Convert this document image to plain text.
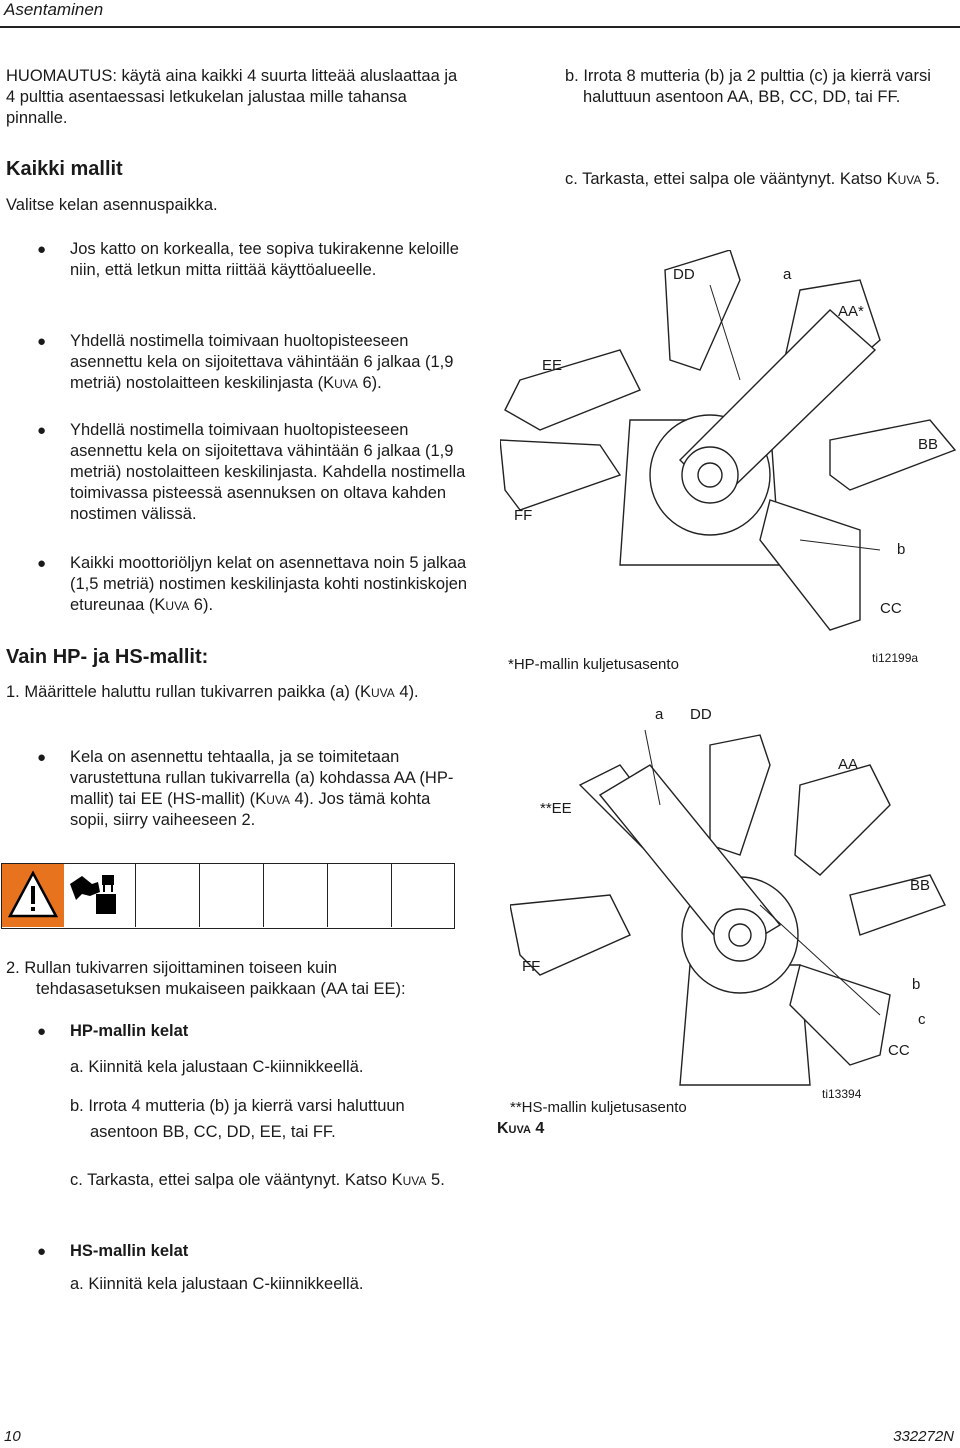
Asentaminen
HUOMAUTUS: käytä aina kaikki 4 suurta litteää aluslaattaa ja 4 pulttia asentaessasi letkukelan jalustaa mille tahansa pinnalle.
Kaikki mallit
Valitse kelan asennuspaikka.
● Jos katto on korkealla, tee sopiva tukirakenne keloille niin, että letkun mitta riittää käyttöalueelle.
● Yhdellä nostimella toimivaan huoltopisteeseen asennettu kela on sijoitettava vähintään 6 jalkaa (1,9 metriä) nostolaitteen keskilinjasta (Kuva 6).
● Yhdellä nostimella toimivaan huoltopisteeseen asennettu kela on sijoitettava vähintään 6 jalkaa (1,9 metriä) nostolaitteen keskilinjasta. Kahdella nostimella toimivassa pisteessä asennuksen on oltava kahden nostimen välissä.
● Kaikki moottoriöljyn kelat on asennettava noin 5 jalkaa (1,5 metriä) nostimen keskilinjasta kohti nostinkiskojen etureunaa (Kuva 6).
Vain HP- ja HS-mallit:
1. Määrittele haluttu rullan tukivarren paikka (a) (Kuva 4).
● Kela on asennettu tehtaalla, ja se toimitetaan varustettuna rullan tukivarrella (a) kohdassa AA (HP-mallit) tai EE (HS-mallit) (Kuva 4). Jos tämä kohta sopii, siirry vaiheeseen 2.
2. Rullan tukivarren sijoittaminen toiseen kuin tehdasasetuksen mukaiseen paikkaan (AA tai EE):
● HP-mallin kelat
a. Kiinnitä kela jalustaan C-kiinnikkeellä.
b. Irrota 4 mutteria (b) ja kierrä varsi haluttuun asentoon BB, CC, DD, EE, tai FF.
c. Tarkasta, ettei salpa ole vääntynyt. Katso Kuva 5.
● HS-mallin kelat
a. Kiinnitä kela jalustaan C-kiinnikkeellä.
b. Irrota 8 mutteria (b) ja 2 pulttia (c) ja kierrä varsi haluttuun asentoon AA, BB, CC, DD, tai FF.
c. Tarkasta, ettei salpa ole vääntynyt. Katso Kuva 5.
DD	a
AA*
EE
BB
FF
b
CC
*HP-mallin kuljetusasento	ti12199a
a DD
AA
**EE
BB
FF
b
c
CC
**HS-mallin kuljetusasento
ti13394
Kuva 4
10	332272N
